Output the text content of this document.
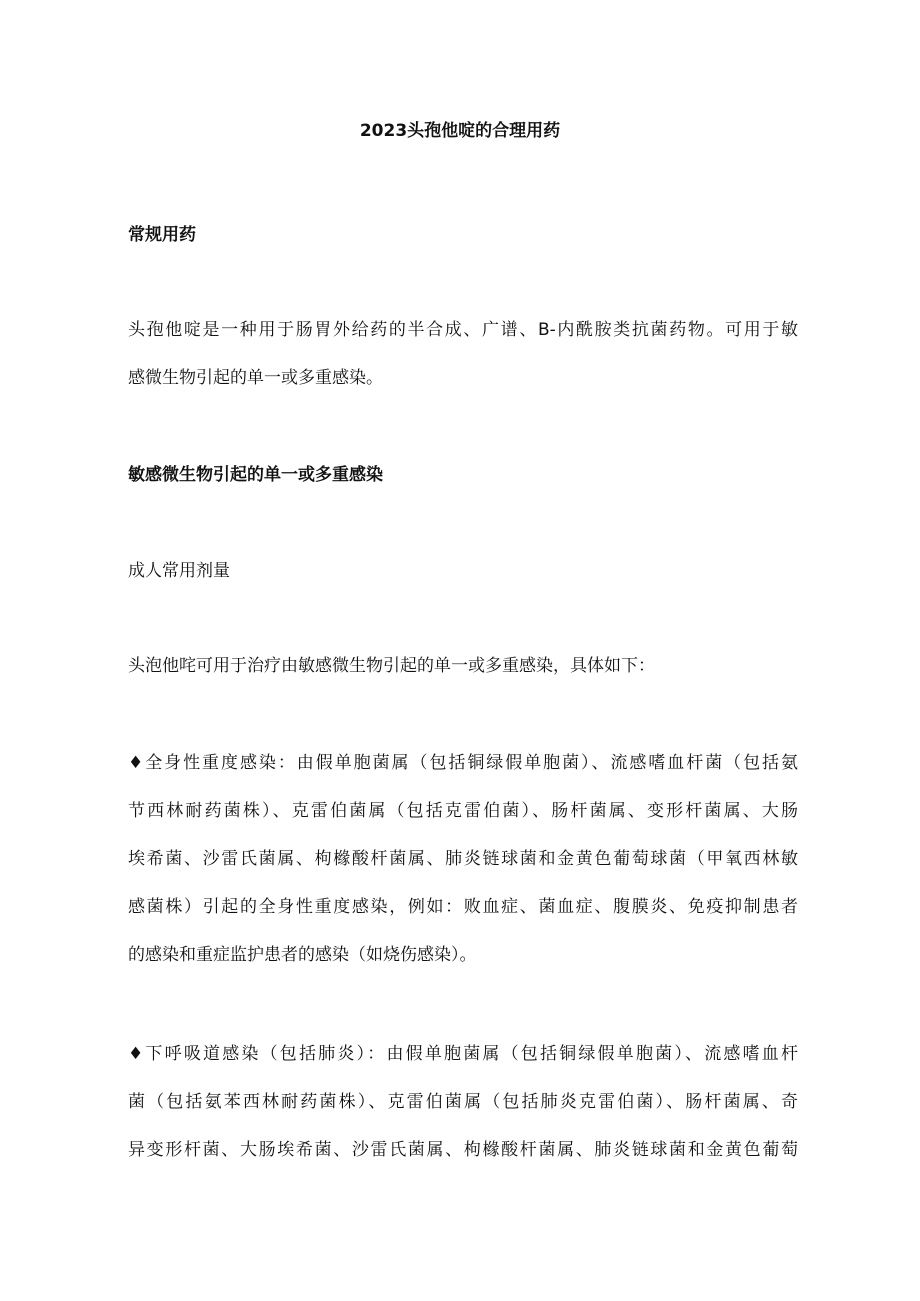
2023头孢他啶的合理用药
常规用药
头孢他啶是一种用于肠胃外给药的半合成、广谱、B-内酰胺类抗菌药物。可用于敏
感微生物引起的单一或多重感染。
敏感微生物引起的单一或多重感染

成人常用剂量

头泡他咤可用于治疗由敏感微生物引起的单一或多重感染，具体如下：

♦全身性重度感染：由假单胞菌属（包括铜绿假单胞菌）、流感嗜血杆菌（包括氨
节西林耐药菌株）、克雷伯菌属（包括克雷伯菌）、肠杆菌属、变形杆菌属、大肠
埃希菌、沙雷氏菌属、枸橼酸杆菌属、肺炎链球菌和金黄色葡萄球菌（甲氧西林敏
感菌株）引起的全身性重度感染，例如：败血症、菌血症、腹膜炎、免疫抑制患者
的感染和重症监护患者的感染（如烧伤感染）。
♦下呼吸道感染（包括肺炎）：由假单胞菌属（包括铜绿假单胞菌）、流感嗜血杆
菌（包括氨苯西林耐药菌株）、克雷伯菌属（包括肺炎克雷伯菌）、肠杆菌属、奇
异变形杆菌、大肠埃希菌、沙雷氏菌属、枸橼酸杆菌属、肺炎链球菌和金黄色葡萄
